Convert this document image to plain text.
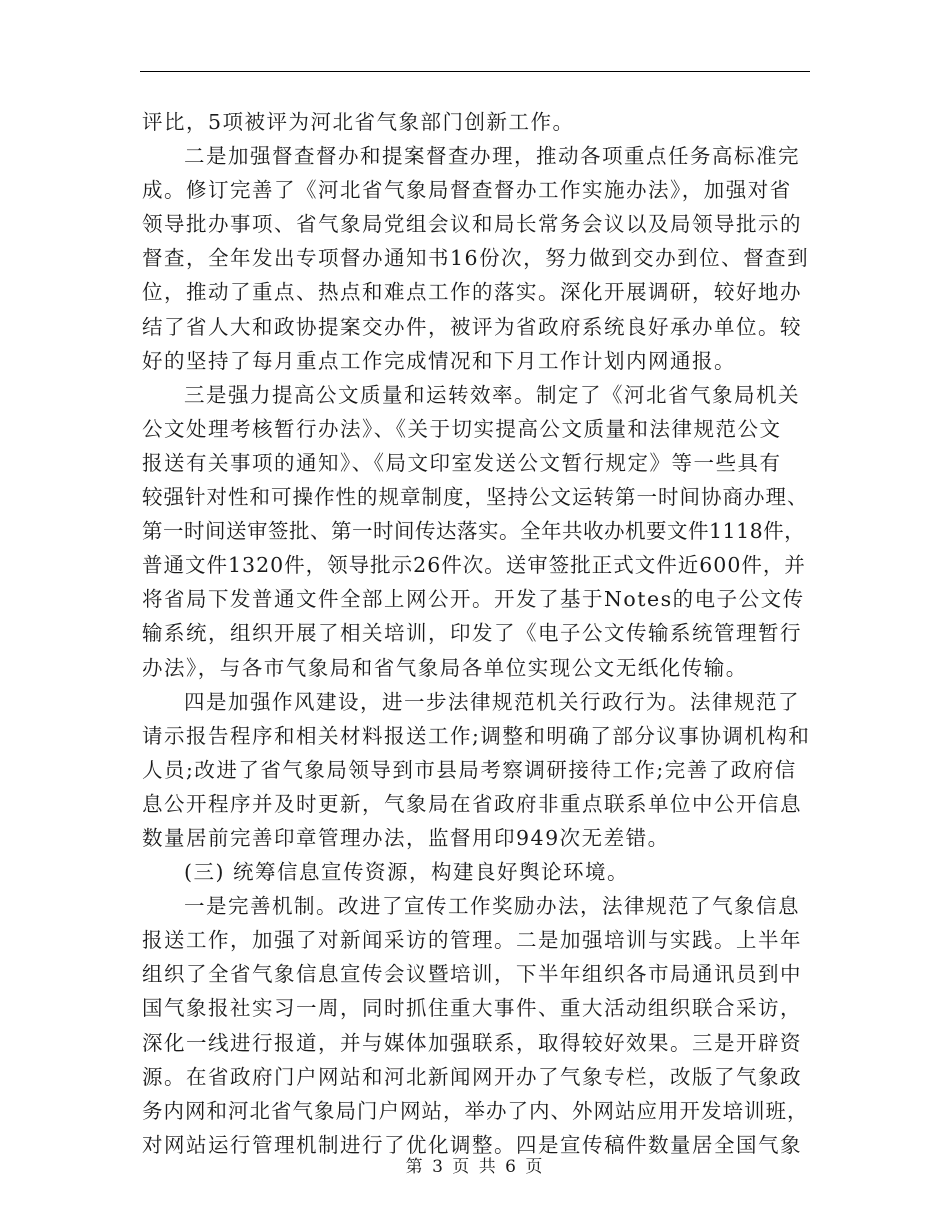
评比，5项被评为河北省气象部门创新工作。
二是加强督查督办和提案督查办理，推动各项重点任务高标准完
成。修订完善了《河北省气象局督查督办工作实施办法》，加强对省
领导批办事项、省气象局党组会议和局长常务会议以及局领导批示的
督查，全年发出专项督办通知书16份次，努力做到交办到位、督查到
位，推动了重点、热点和难点工作的落实。深化开展调研，较好地办
结了省人大和政协提案交办件，被评为省政府系统良好承办单位。较
好的坚持了每月重点工作完成情况和下月工作计划内网通报。
三是强力提高公文质量和运转效率。制定了《河北省气象局机关
公文处理考核暂行办法》、《关于切实提高公文质量和法律规范公文
报送有关事项的通知》、《局文印室发送公文暂行规定》等一些具有
较强针对性和可操作性的规章制度，坚持公文运转第一时间协商办理、
第一时间送审签批、第一时间传达落实。全年共收办机要文件1118件，
普通文件1320件，领导批示26件次。送审签批正式文件近600件，并
将省局下发普通文件全部上网公开。开发了基于Notes的电子公文传
输系统，组织开展了相关培训，印发了《电子公文传输系统管理暂行
办法》，与各市气象局和省气象局各单位实现公文无纸化传输。
四是加强作风建设，进一步法律规范机关行政行为。法律规范了
请示报告程序和相关材料报送工作;调整和明确了部分议事协调机构和
人员;改进了省气象局领导到市县局考察调研接待工作;完善了政府信
息公开程序并及时更新，气象局在省政府非重点联系单位中公开信息
数量居前完善印章管理办法，监督用印949次无差错。
(三) 统筹信息宣传资源，构建良好舆论环境。
一是完善机制。改进了宣传工作奖励办法，法律规范了气象信息
报送工作，加强了对新闻采访的管理。二是加强培训与实践。上半年
组织了全省气象信息宣传会议暨培训，下半年组织各市局通讯员到中
国气象报社实习一周，同时抓住重大事件、重大活动组织联合采访，
深化一线进行报道，并与媒体加强联系，取得较好效果。三是开辟资
源。在省政府门户网站和河北新闻网开办了气象专栏，改版了气象政
务内网和河北省气象局门户网站，举办了内、外网站应用开发培训班，
对网站运行管理机制进行了优化调整。四是宣传稿件数量居全国气象
第 3 页 共 6 页
